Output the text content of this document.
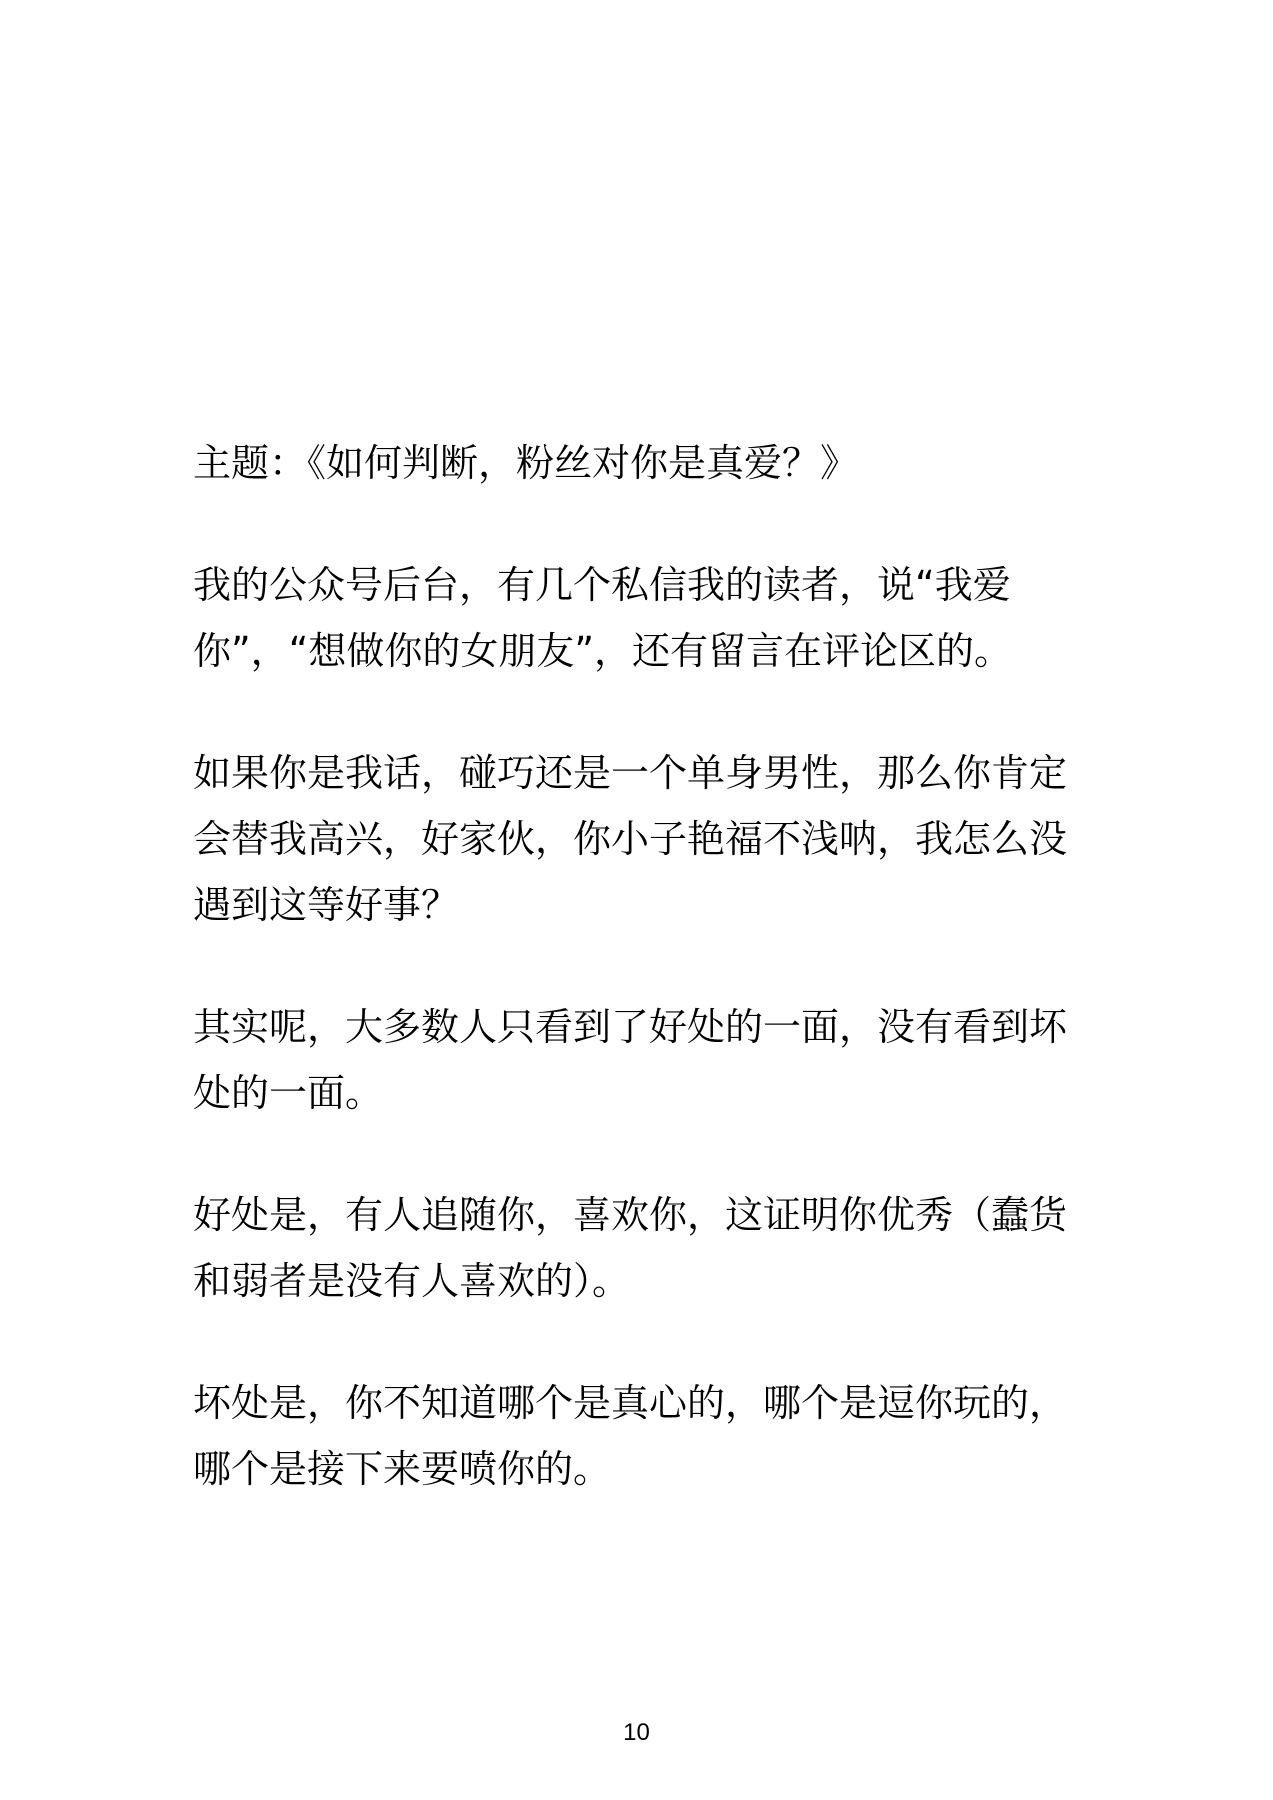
主题：《如何判断，粉丝对你是真爱？》

我的公众号后台，有几个私信我的读者，说“我爱
你”，“想做你的女朋友”，还有留言在评论区的。

如果你是我话，碰巧还是一个单身男性，那么你肯定
会替我高兴，好家伙，你小子艳福不浅呐，我怎么没
遇到这等好事？

其实呢，大多数人只看到了好处的一面，没有看到坏
处的一面。

好处是，有人追随你，喜欢你，这证明你优秀（蠢货
和弱者是没有人喜欢的）。

坏处是，你不知道哪个是真心的，哪个是逗你玩的，
哪个是接下来要喷你的。

10
